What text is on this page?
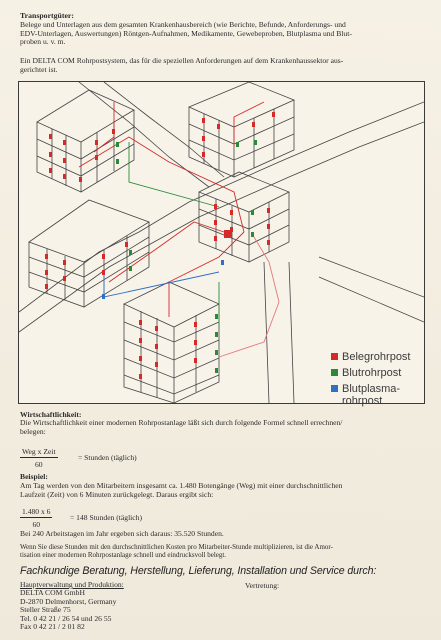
Transportgüter:
Belege und Unterlagen aus dem gesamten Krankenhausbereich (wie Berichte, Befunde, Anforderungs- und
EDV-Unterlagen, Auswertungen) Röntgen-Aufnahmen, Medikamente, Gewebeproben, Blutplasma und Blut-
proben u. v. m.
Ein DELTA COM Rohrpostsystem, das für die speziellen Anforderungen auf dem Krankenhaussektor aus-
gerichtet ist.
Belegrohrpost
Blutrohrpost
Blutplasma-
rohrpost
Wirtschaftlichkeit:
Die Wirtschaftlichkeit einer modernen Rohrpostanlage läßt sich durch folgende Formel schnell errechnen/
belegen:
Weg x Zeit
60
= Stunden (täglich)
Beispiel:
Am Tag werden von den Mitarbeitern insgesamt ca. 1.480 Botengänge (Weg) mit einer durchschnittlichen
Laufzeit (Zeit) von 6 Minuten zurückgelegt. Daraus ergibt sich:
$\frac{1.480 x 6}{60} = 148$ Stunden (täglich)
Bei 240 Arbeitstagen im Jahr ergeben sich daraus: 35.520 Stunden.
Wenn Sie diese Stunden mit den durchschnittlichen Kosten pro Mitarbeiter-Stunde multiplizieren, ist die Amor-
tisation einer modernen Rohrpostanlage schnell und eindrucksvoll belegt.
Fachkundige Beratung, Herstellung, Lieferung, Installation und Service durch:
Hauptverwaltung und Produktion:
DELTA COM GmbH
D-2870 Delmenhorst, Germany
Steller Straße 75
Tel. 0 42 21 / 26 54 und 26 55
Fax 0 42 21 / 2 01 82
Vertretung:
